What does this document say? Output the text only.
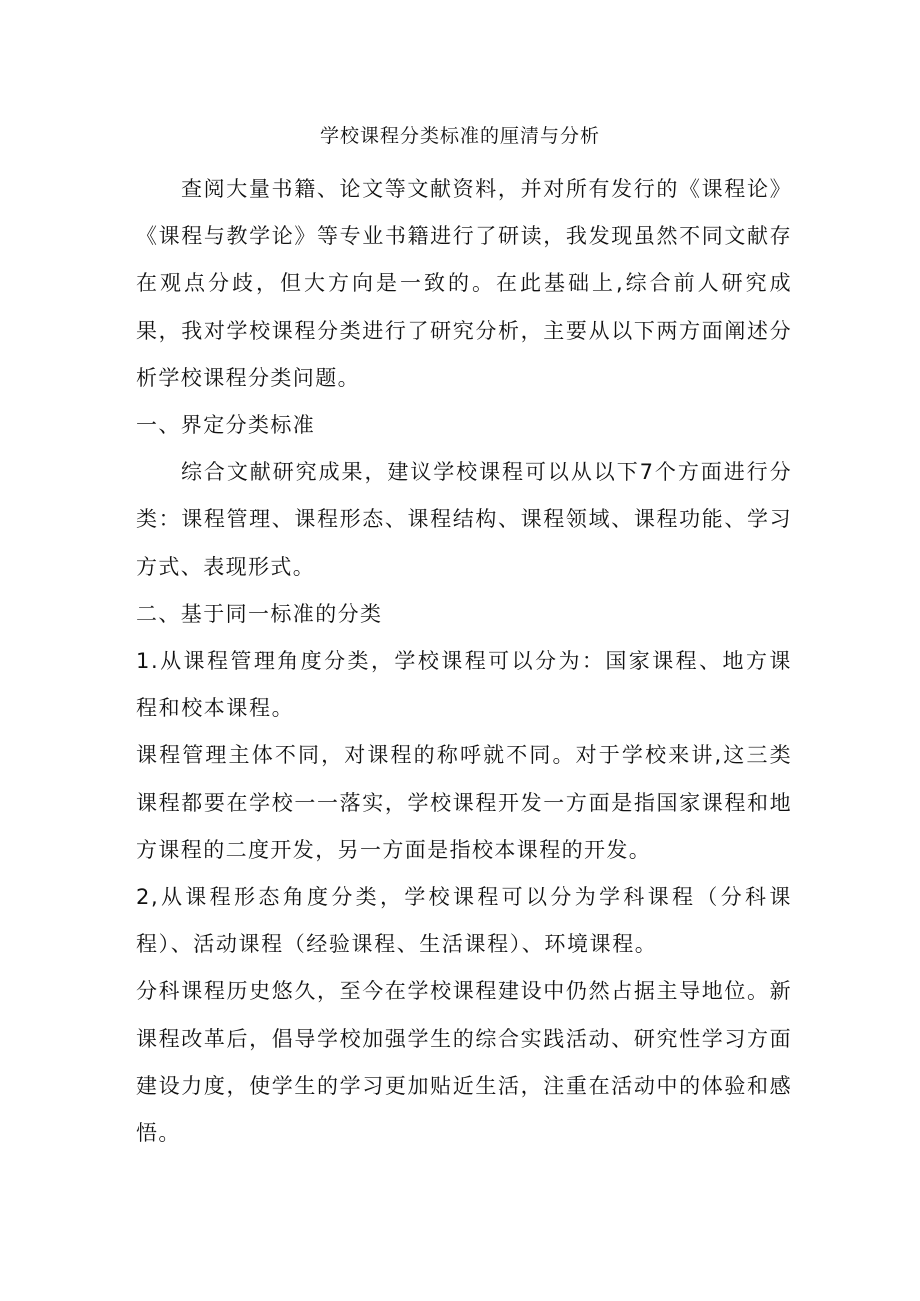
学校课程分类标准的厘清与分析

查阅大量书籍、论文等文献资料，并对所有发行的《课程论》《课程与教学论》等专业书籍进行了研读，我发现虽然不同文献存在观点分歧，但大方向是一致的。在此基础上,综合前人研究成果，我对学校课程分类进行了研究分析，主要从以下两方面阐述分析学校课程分类问题。

一、界定分类标准

综合文献研究成果，建议学校课程可以从以下7个方面进行分类：课程管理、课程形态、课程结构、课程领域、课程功能、学习方式、表现形式。

二、基于同一标准的分类

1.从课程管理角度分类，学校课程可以分为：国家课程、地方课程和校本课程。

课程管理主体不同，对课程的称呼就不同。对于学校来讲,这三类课程都要在学校一一落实，学校课程开发一方面是指国家课程和地方课程的二度开发，另一方面是指校本课程的开发。

2,从课程形态角度分类，学校课程可以分为学科课程（分科课程）、活动课程（经验课程、生活课程）、环境课程。

分科课程历史悠久，至今在学校课程建设中仍然占据主导地位。新课程改革后，倡导学校加强学生的综合实践活动、研究性学习方面建设力度，使学生的学习更加贴近生活，注重在活动中的体验和感悟。
